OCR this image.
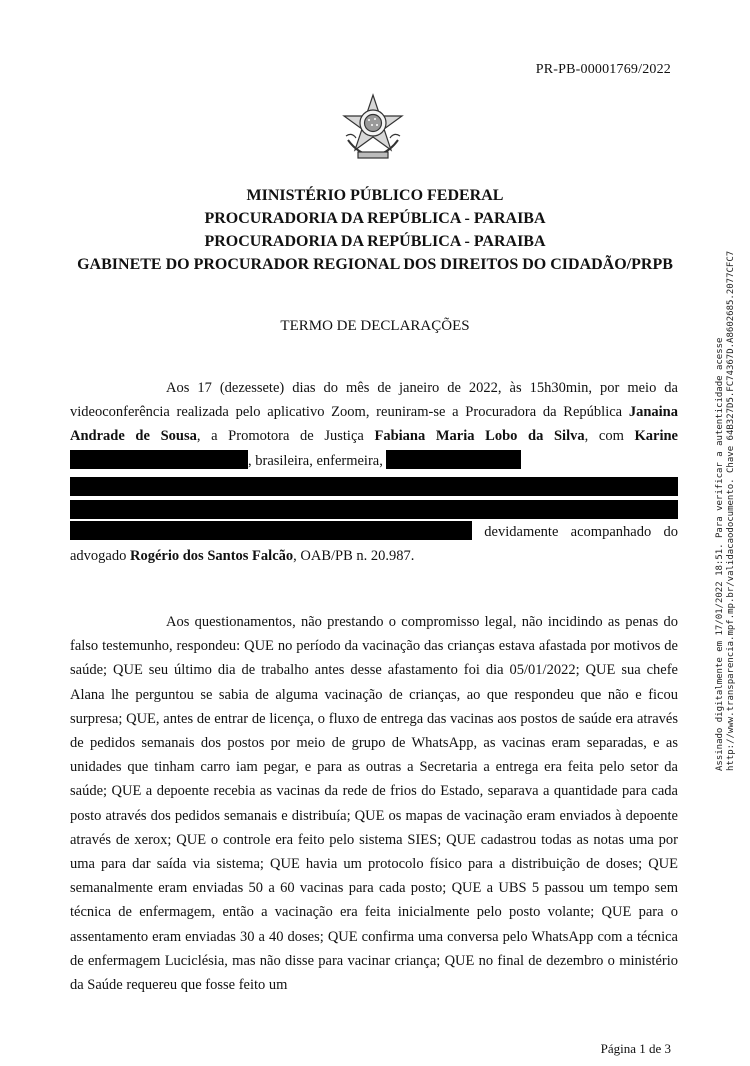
PR-PB-00001769/2022
MINISTÉRIO PÚBLICO FEDERAL
PROCURADORIA DA REPÚBLICA - PARAIBA
PROCURADORIA DA REPÚBLICA - PARAIBA
GABINETE DO PROCURADOR REGIONAL DOS DIREITOS DO CIDADÃO/PRPB
TERMO DE DECLARAÇÕES

Aos 17 (dezessete) dias do mês de janeiro de 2022, às 15h30min, por meio da videoconferência realizada pelo aplicativo Zoom, reuniram-se a Procuradora da República Janaina Andrade de Sousa, a Promotora de Justiça Fabiana Maria Lobo da Silva, com Karine , brasileira, enfermeira,
devidamente acompanhado do advogado Rogério dos Santos Falcão, OAB/PB n. 20.987.

Aos questionamentos, não prestando o compromisso legal, não incidindo as penas do falso testemunho, respondeu: QUE no período da vacinação das crianças estava afastada por motivos de saúde; QUE seu último dia de trabalho antes desse afastamento foi dia 05/01/2022; QUE sua chefe Alana lhe perguntou se sabia de alguma vacinação de crianças, ao que respondeu que não e ficou surpresa; QUE, antes de entrar de licença, o fluxo de entrega das vacinas aos postos de saúde era através de pedidos semanais dos postos por meio de grupo de WhatsApp, as vacinas eram separadas, e as unidades que tinham carro iam pegar, e para as outras a Secretaria a entrega era feita pelo setor da saúde; QUE a depoente recebia as vacinas da rede de frios do Estado, separava a quantidade para cada posto através dos pedidos semanais e distribuía; QUE os mapas de vacinação eram enviados à depoente através de xerox; QUE o controle era feito pelo sistema SIES; QUE cadastrou todas as notas uma por uma para dar saída via sistema; QUE havia um protocolo físico para a distribuição de doses; QUE semanalmente eram enviadas 50 a 60 vacinas para cada posto; QUE a UBS 5 passou um tempo sem técnica de enfermagem, então a vacinação era feita inicialmente pelo posto volante; QUE para o assentamento eram enviadas 30 a 40 doses; QUE confirma uma conversa pelo WhatsApp com a técnica de enfermagem Luciclésia, mas não disse para vacinar criança; QUE no final de dezembro o ministério da Saúde requereu que fosse feito um

Página 1 de 3
Assinado digitalmente em 17/01/2022 18:51. Para verificar a autenticidade acesse http://www.transparencia.mpf.mp.br/validacaodocumento. Chave 64B327D5.FC74367D.A8602685.2077CFC7
